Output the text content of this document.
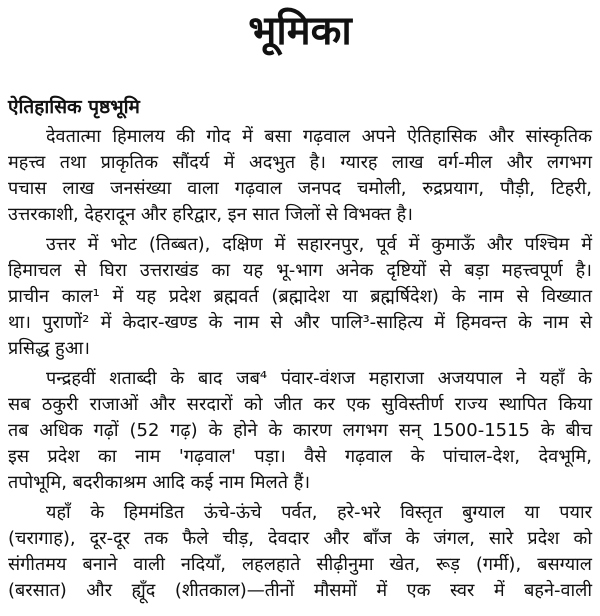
भूमिका
ऐतिहासिक पृष्ठभूमि
देवतात्मा हिमालय की गोद में बसा गढ़वाल अपने ऐतिहासिक और सांस्कृतिक
महत्त्व तथा प्राकृतिक सौंदर्य में अदभुत है। ग्यारह लाख वर्ग-मील और लगभग
पचास लाख जनसंख्या वाला गढ़वाल जनपद चमोली, रुद्रप्रयाग, पौड़ी, टिहरी,
उत्तरकाशी, देहरादून और हरिद्वार, इन सात जिलों से विभक्त है।
उत्तर में भोट (तिब्बत), दक्षिण में सहारनपुर, पूर्व में कुमाऊँ और पश्चिम में
हिमाचल से घिरा उत्तराखंड का यह भू-भाग अनेक दृष्टियों से बड़ा महत्त्वपूर्ण है।
प्राचीन काल¹ में यह प्रदेश ब्रह्मवर्त (ब्रह्मादेश या ब्रह्मर्षिदेश) के नाम से विख्यात
था। पुराणों² में केदार-खण्ड के नाम से और पालि³-साहित्य में हिमवन्त के नाम से
प्रसिद्ध हुआ।
पन्द्रहवीं शताब्दी के बाद जब⁴ पंवार-वंशज महाराजा अजयपाल ने यहाँ के
सब ठकुरी राजाओं और सरदारों को जीत कर एक सुविस्तीर्ण राज्य स्थापित किया
तब अधिक गढ़ों (52 गढ़) के होने के कारण लगभग सन् 1500-1515 के बीच
इस प्रदेश का नाम 'गढ़वाल' पड़ा। वैसे गढ़वाल के पांचाल-देश, देवभूमि,
तपोभूमि, बदरीकाश्रम आदि कई नाम मिलते हैं।
यहाँ के हिममंडित ऊंचे-ऊंचे पर्वत, हरे-भरे विस्तृत बुग्याल या पयार
(चरागाह), दूर-दूर तक फैले चीड़, देवदार और बाँज के जंगल, सारे प्रदेश को
संगीतमय बनाने वाली नदियाँ, लहलहाते सीढ़ीनुमा खेत, रूड़ (गर्मी), बसग्याल
(बरसात) और ह्यूँद (शीतकाल)—तीनों मौसमों में एक स्वर में बहने-वाली
